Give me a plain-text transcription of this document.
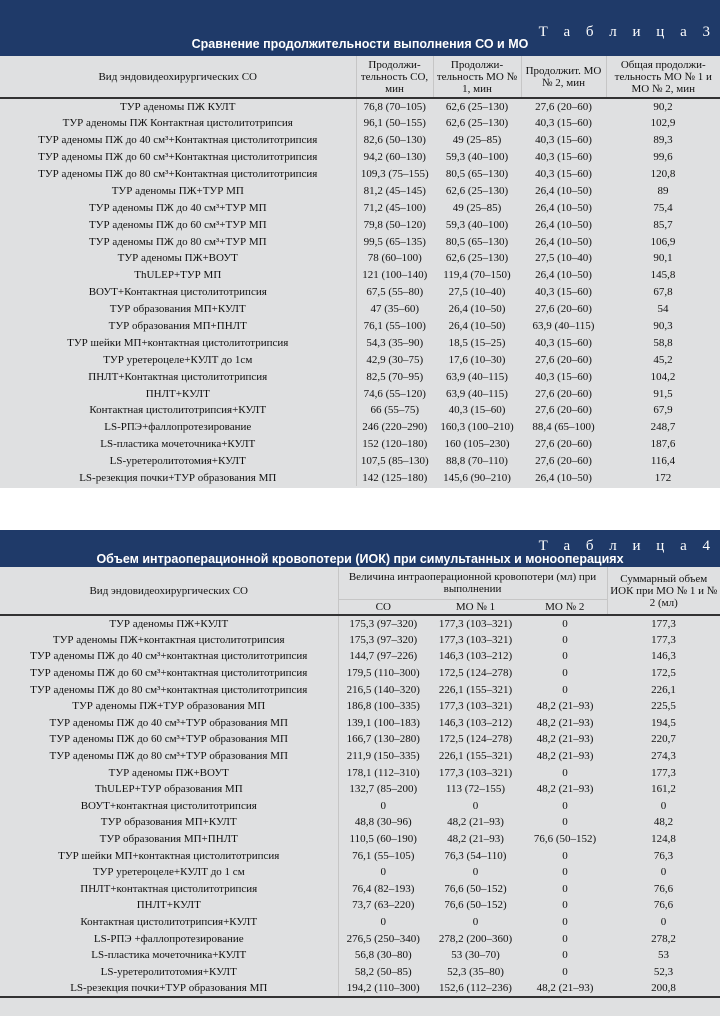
Т а б л и ц а 3
Сравнение продолжительности выполнения СО и МО
Вид эндовидеохирургических СО	Продолжи-тельность СО, мин	Продолжи-тельность МО № 1, мин	Продолжит. МО № 2, мин	Общая продолжи-тельность МО № 1 и МО № 2, мин
ТУР аденомы ПЖ КУЛТ	76,8 (70–105)	62,6 (25–130)	27,6 (20–60)	90,2
ТУР аденомы ПЖ Контактная цистолитотрипсия	96,1 (50–155)	62,6 (25–130)	40,3 (15–60)	102,9
ТУР аденомы ПЖ до 40 см³+Контактная цистолитотрипсия	82,6 (50–130)	49 (25–85)	40,3 (15–60)	89,3
ТУР аденомы ПЖ до 60 см³+Контактная цистолитотрипсия	94,2 (60–130)	59,3 (40–100)	40,3 (15–60)	99,6
ТУР аденомы ПЖ до 80 см³+Контактная цистолитотрипсия	109,3 (75–155)	80,5 (65–130)	40,3 (15–60)	120,8
ТУР аденомы ПЖ+ТУР МП	81,2 (45–145)	62,6 (25–130)	26,4 (10–50)	89
ТУР аденомы ПЖ до 40 см³+ТУР МП	71,2 (45–100)	49 (25–85)	26,4 (10–50)	75,4
ТУР аденомы ПЖ до 60 см³+ТУР МП	79,8 (50–120)	59,3 (40–100)	26,4 (10–50)	85,7
ТУР аденомы ПЖ до 80 см³+ТУР МП	99,5 (65–135)	80,5 (65–130)	26,4 (10–50)	106,9
ТУР аденомы ПЖ+ВОУТ	78 (60–100)	62,6 (25–130)	27,5 (10–40)	90,1
ThULEP+ТУР МП	121 (100–140)	119,4 (70–150)	26,4 (10–50)	145,8
ВОУТ+Контактная цистолитотрипсия	67,5 (55–80)	27,5 (10–40)	40,3 (15–60)	67,8
ТУР образования МП+КУЛТ	47 (35–60)	26,4 (10–50)	27,6 (20–60)	54
ТУР образования МП+ПНЛТ	76,1 (55–100)	26,4 (10–50)	63,9 (40–115)	90,3
ТУР шейки МП+контактная цистолитотрипсия	54,3 (35–90)	18,5 (15–25)	40,3 (15–60)	58,8
ТУР уретероцеле+КУЛТ до 1см	42,9 (30–75)	17,6 (10–30)	27,6 (20–60)	45,2
ПНЛТ+Контактная цистолитотрипсия	82,5 (70–95)	63,9 (40–115)	40,3 (15–60)	104,2
ПНЛТ+КУЛТ	74,6 (55–120)	63,9 (40–115)	27,6 (20–60)	91,5
Контактная цистолитотрипсия+КУЛТ	66 (55–75)	40,3 (15–60)	27,6 (20–60)	67,9
LS-РПЭ+фаллопротезирование	246 (220–290)	160,3 (100–210)	88,4 (65–100)	248,7
LS-пластика мочеточника+КУЛТ	152 (120–180)	160 (105–230)	27,6 (20–60)	187,6
LS-уретеролитотомия+КУЛТ	107,5 (85–130)	88,8 (70–110)	27,6 (20–60)	116,4
LS-резекция почки+ТУР образования МП	142 (125–180)	145,6 (90–210)	26,4 (10–50)	172
Т а б л и ц а 4
Объем интраоперационной кровопотери (ИОК) при симультанных и монооперациях
Вид эндовидеохирургических СО	Величина интраоперационной кровопотери (мл) при выполнении			Суммарный объем ИОК при МО № 1 и № 2 (мл)
	СО	МО № 1	МО № 2	
ТУР аденомы ПЖ+КУЛТ	175,3 (97–320)	177,3 (103–321)	0	177,3
ТУР аденомы ПЖ+контактная цистолитотрипсия	175,3 (97–320)	177,3 (103–321)	0	177,3
ТУР аденомы ПЖ до 40 см³+контактная цистолитотрипсия	144,7 (97–226)	146,3 (103–212)	0	146,3
ТУР аденомы ПЖ до 60 см³+контактная цистолитотрипсия	179,5 (110–300)	172,5 (124–278)	0	172,5
ТУР аденомы ПЖ до 80 см³+контактная цистолитотрипсия	216,5 (140–320)	226,1 (155–321)	0	226,1
ТУР аденомы ПЖ+ТУР образования МП	186,8 (100–335)	177,3 (103–321)	48,2 (21–93)	225,5
ТУР аденомы ПЖ до 40 см³+ТУР образования МП	139,1 (100–183)	146,3 (103–212)	48,2 (21–93)	194,5
ТУР аденомы ПЖ до 60 см³+ТУР образования МП	166,7 (130–280)	172,5 (124–278)	48,2 (21–93)	220,7
ТУР аденомы ПЖ до 80 см³+ТУР образования МП	211,9 (150–335)	226,1 (155–321)	48,2 (21–93)	274,3
ТУР аденомы ПЖ+ВОУТ	178,1 (112–310)	177,3 (103–321)	0	177,3
ThULEP+ТУР образования МП	132,7 (85–200)	113 (72–155)	48,2 (21–93)	161,2
ВОУТ+контактная цистолитотрипсия	0	0	0	0
ТУР образования МП+КУЛТ	48,8 (30–96)	48,2 (21–93)	0	48,2
ТУР образования МП+ПНЛТ	110,5 (60–190)	48,2 (21–93)	76,6 (50–152)	124,8
ТУР шейки МП+контактная цистолитотрипсия	76,1 (55–105)	76,3 (54–110)	0	76,3
ТУР уретероцеле+КУЛТ до 1 см	0	0	0	0
ПНЛТ+контактная цистолитотрипсия	76,4 (82–193)	76,6 (50–152)	0	76,6
ПНЛТ+КУЛТ	73,7 (63–220)	76,6 (50–152)	0	76,6
Контактная цистолитотрипсия+КУЛТ	0	0	0	0
LS-РПЭ +фаллопротезирование	276,5 (250–340)	278,2 (200–360)	0	278,2
LS-пластика мочеточника+КУЛТ	56,8 (30–80)	53 (30–70)	0	53
LS-уретеролитотомия+КУЛТ	58,2 (50–85)	52,3 (35–80)	0	52,3
LS-резекция почки+ТУР образования МП	194,2 (110–300)	152,6 (112–236)	48,2 (21–93)	200,8
